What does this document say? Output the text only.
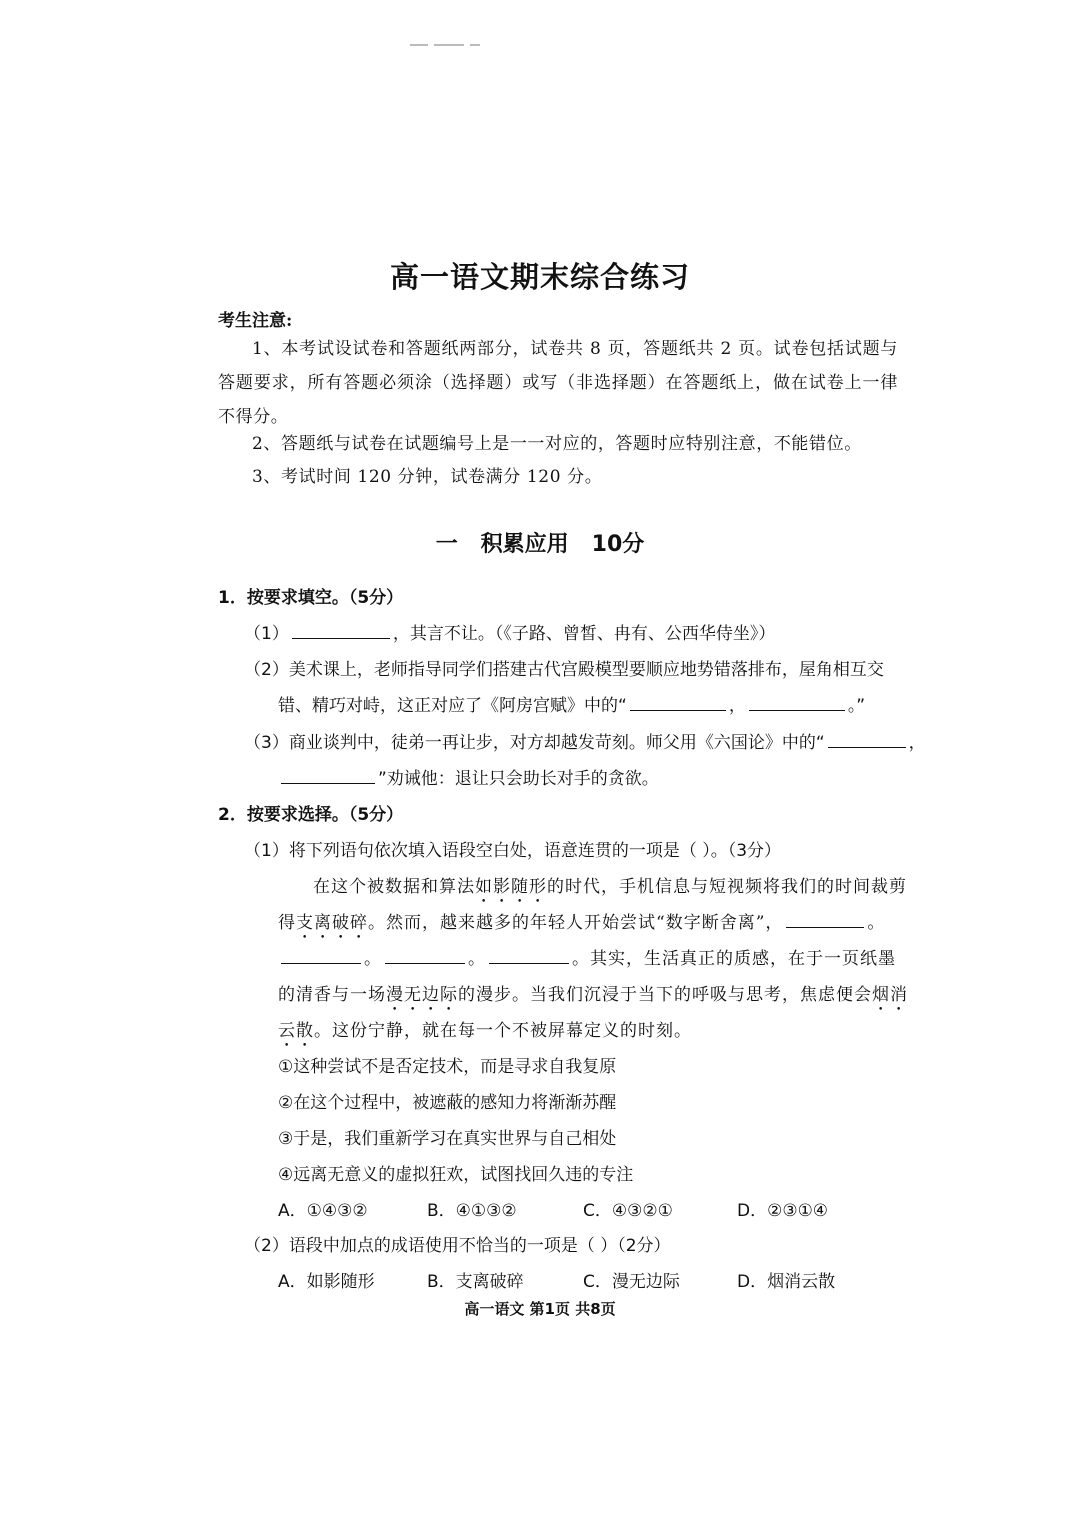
高一语文期末综合练习
考生注意:
1、本考试设试卷和答题纸两部分，试卷共 8 页，答题纸共 2 页。试卷包括试题与答题要求，所有答题必须涂（选择题）或写（非选择题）在答题纸上，做在试卷上一律不得分。
2、答题纸与试卷在试题编号上是一一对应的，答题时应特别注意，不能错位。
3、考试时间 120 分钟，试卷满分 120 分。
一   积累应用   10分
1．按要求填空。（5分）
（1）	，其言不让。（《子路、曾皙、冉有、公西华侍坐》）
（2）美术课上，老师指导同学们搭建古代宫殿模型要顺应地势错落排布，屋角相互交
错、精巧对峙，这正对应了《阿房宫赋》中的“	，	。”
（3）商业谈判中，徒弟一再让步，对方却越发苛刻。师父用《六国论》中的“	，
”劝诫他：退让只会助长对手的贪欲。
2．按要求选择。（5分）
（1）将下列语句依次填入语段空白处，语意连贯的一项是（ ）。（3分）
在这个被数据和算法如影随形的时代，手机信息与短视频将我们的时间裁剪
得支离破碎。然而，越来越多的年轻人开始尝试“数字断舍离”，	。
。	。	。其实，生活真正的质感，在于一页纸墨
的清香与一场漫无边际的漫步。当我们沉浸于当下的呼吸与思考，焦虑便会烟消
云散。这份宁静，就在每一个不被屏幕定义的时刻。
①这种尝试不是否定技术，而是寻求自我复原
②在这个过程中，被遮蔽的感知力将渐渐苏醒
③于是，我们重新学习在真实世界与自己相处
④远离无意义的虚拟狂欢，试图找回久违的专注
A．①④③②	B．④①③②	C．④③②①	D．②③①④
（2）语段中加点的成语使用不恰当的一项是（ ）（2分）
A．如影随形	B．支离破碎	C．漫无边际	D．烟消云散
高一语文 第1页 共8页
